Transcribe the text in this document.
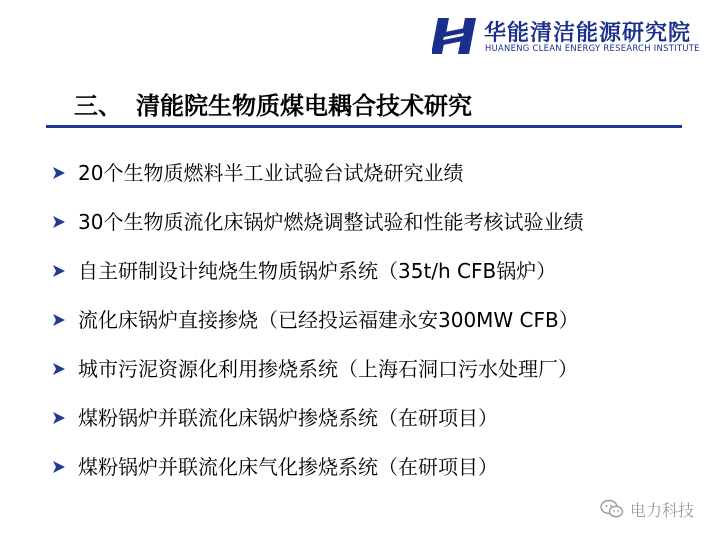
华能清洁能源研究院
HUANENG CLEAN ENERGY RESEARCH INSTITUTE
三、 清能院生物质煤电耦合技术研究
20个生物质燃料半工业试验台试烧研究业绩
30个生物质流化床锅炉燃烧调整试验和性能考核试验业绩
自主研制设计纯烧生物质锅炉系统（35t/h CFB锅炉）
流化床锅炉直接掺烧（已经投运福建永安300MW CFB）
城市污泥资源化利用掺烧系统（上海石洞口污水处理厂）
煤粉锅炉并联流化床锅炉掺烧系统（在研项目）
煤粉锅炉并联流化床气化掺烧系统（在研项目）
电力科技
